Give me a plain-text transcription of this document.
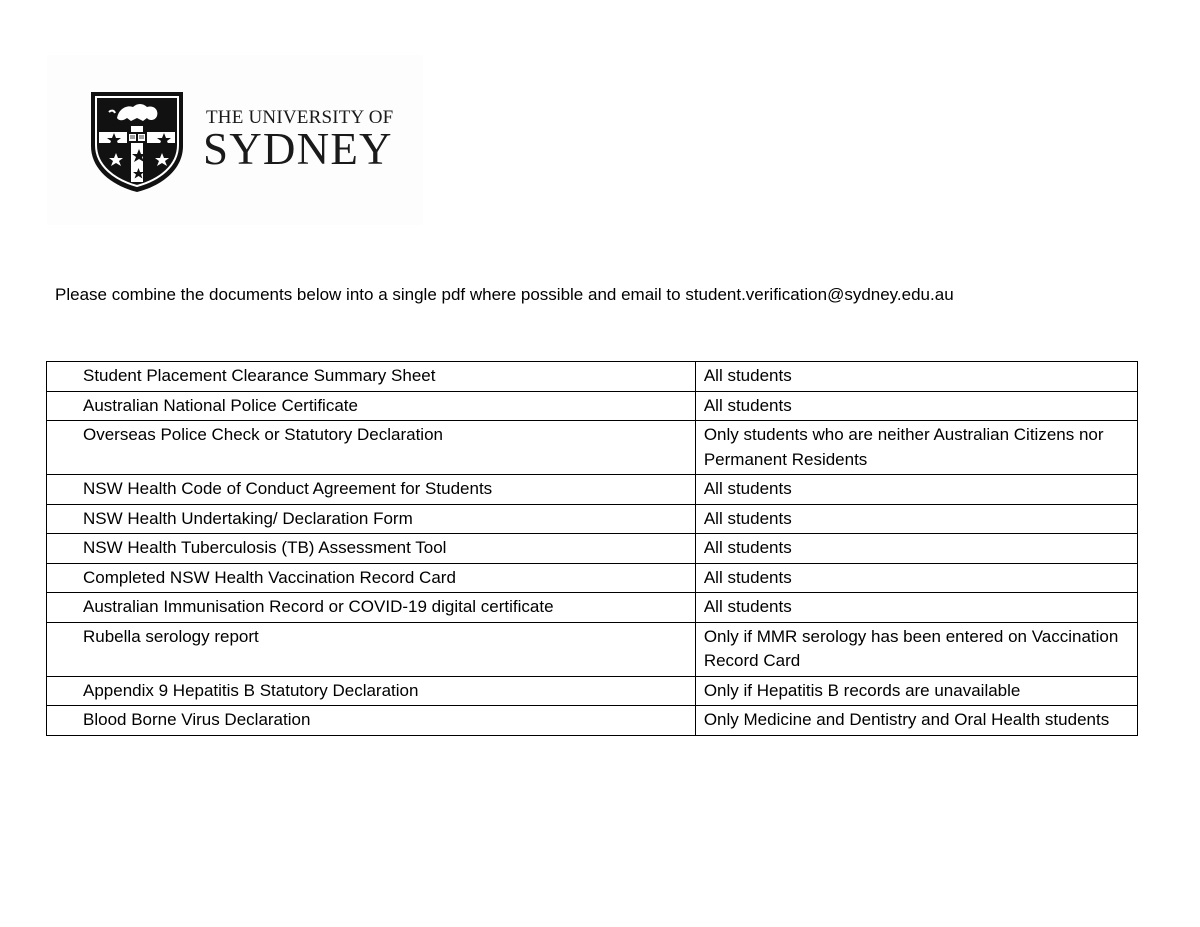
THE UNIVERSITY OF
SYDNEY
Please combine the documents below into a single pdf where possible and email to student.verification@sydney.edu.au
Student Placement Clearance Summary Sheet	All students
Australian National Police Certificate	All students
Overseas Police Check or Statutory Declaration	Only students who are neither Australian Citizens nor Permanent Residents
NSW Health Code of Conduct Agreement for Students	All students
NSW Health Undertaking/ Declaration Form	All students
NSW Health Tuberculosis (TB) Assessment Tool	All students
Completed NSW Health Vaccination Record Card	All students
Australian Immunisation Record or COVID-19 digital certificate	All students
Rubella serology report	Only if MMR serology has been entered on Vaccination Record Card
Appendix 9 Hepatitis B Statutory Declaration	Only if Hepatitis B records are unavailable
Blood Borne Virus Declaration	Only Medicine and Dentistry and Oral Health students
